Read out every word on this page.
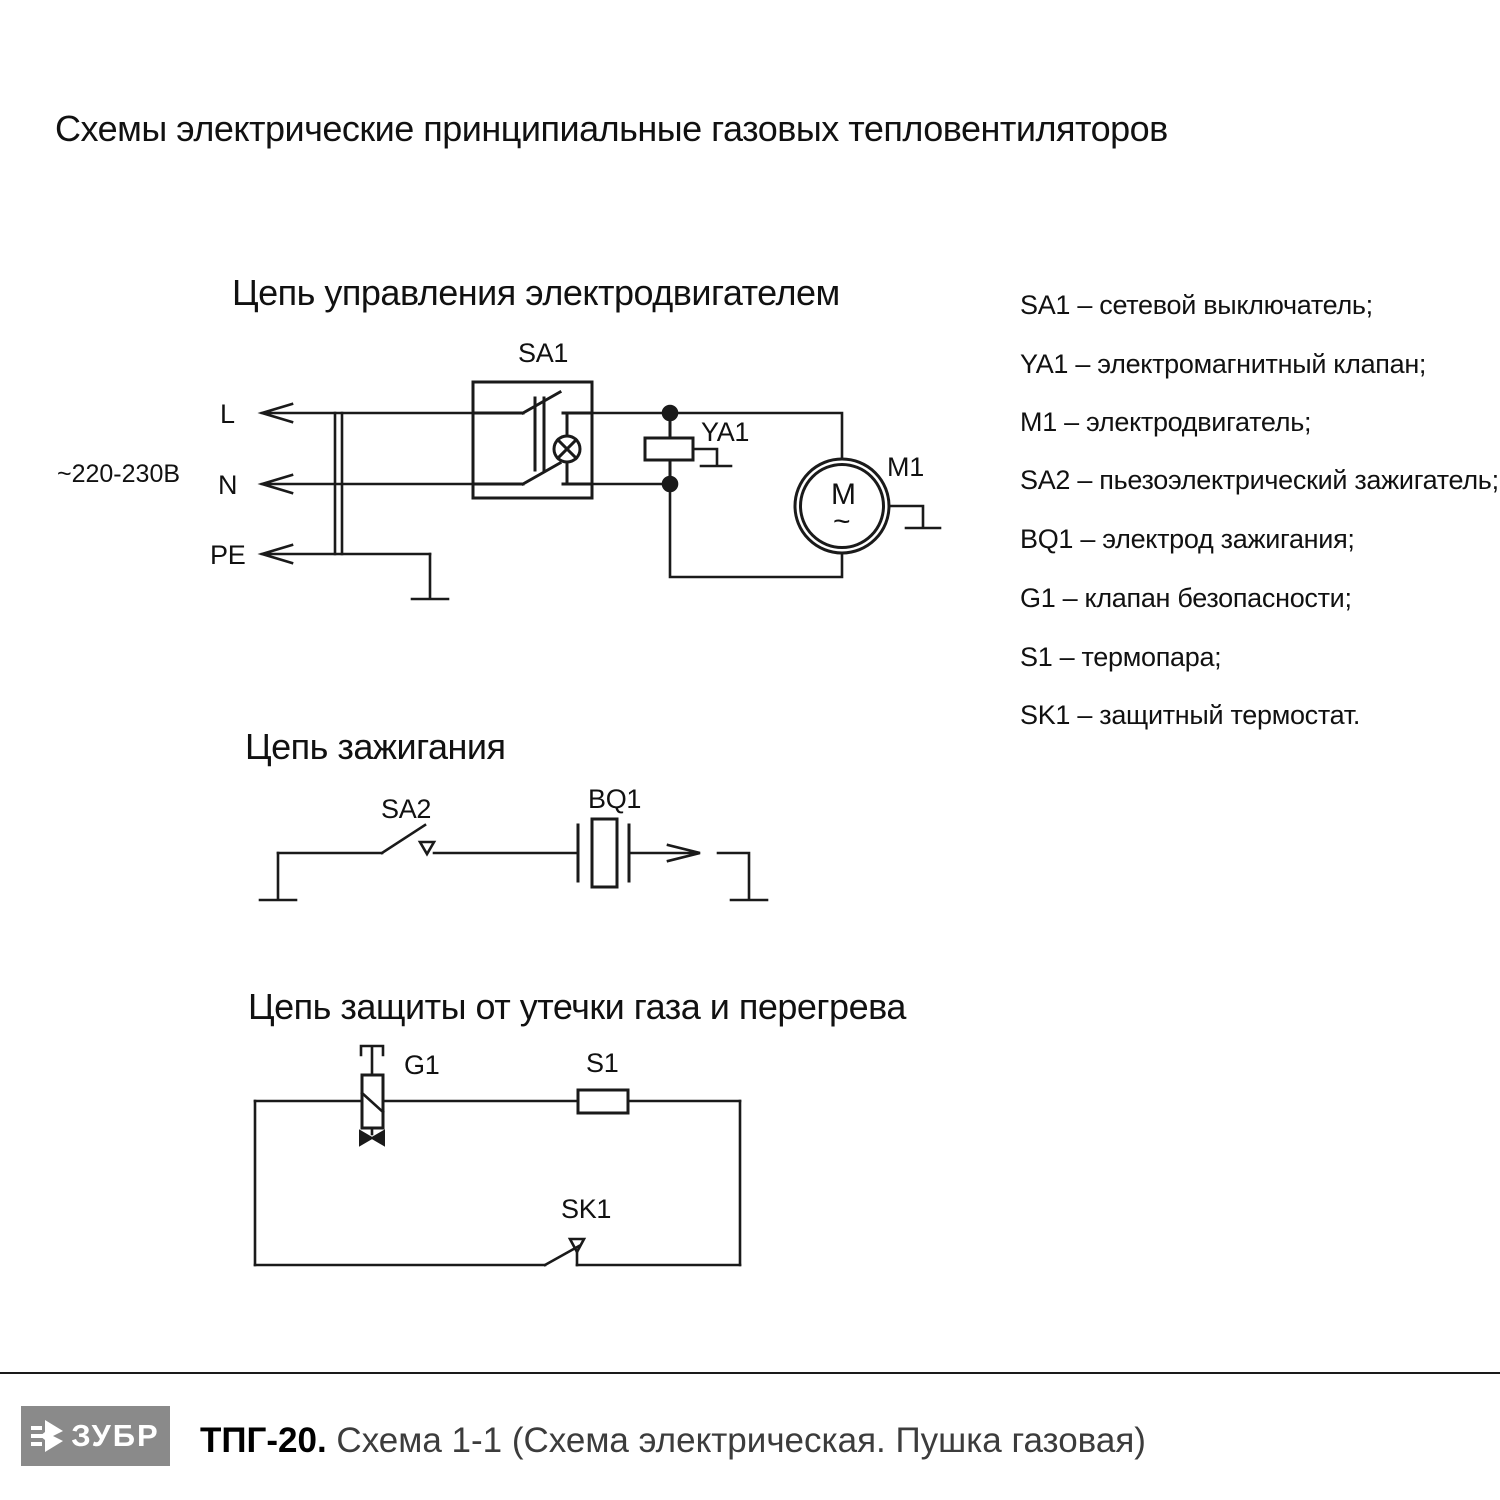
Схемы электрические принципиальные газовых тепловентиляторов
Цепь управления электродвигателем
SA1
~220-230В
L
N
PE
YA1
M1
M
~
Цепь зажигания
SA2	BQ1
Цепь защиты от утечки газа и перегрева
G1	S1
SK1
SA1 – сетевой выключатель;
YA1 – электромагнитный клапан;
M1 – электродвигатель;
SA2 – пьезоэлектрический зажигатель;
BQ1 – электрод зажигания;
G1 – клапан безопасности;
S1 – термопара;
SK1 – защитный термостат.
ЗУБР ТПГ-20. Схема 1-1 (Схема электрическая. Пушка газовая)
